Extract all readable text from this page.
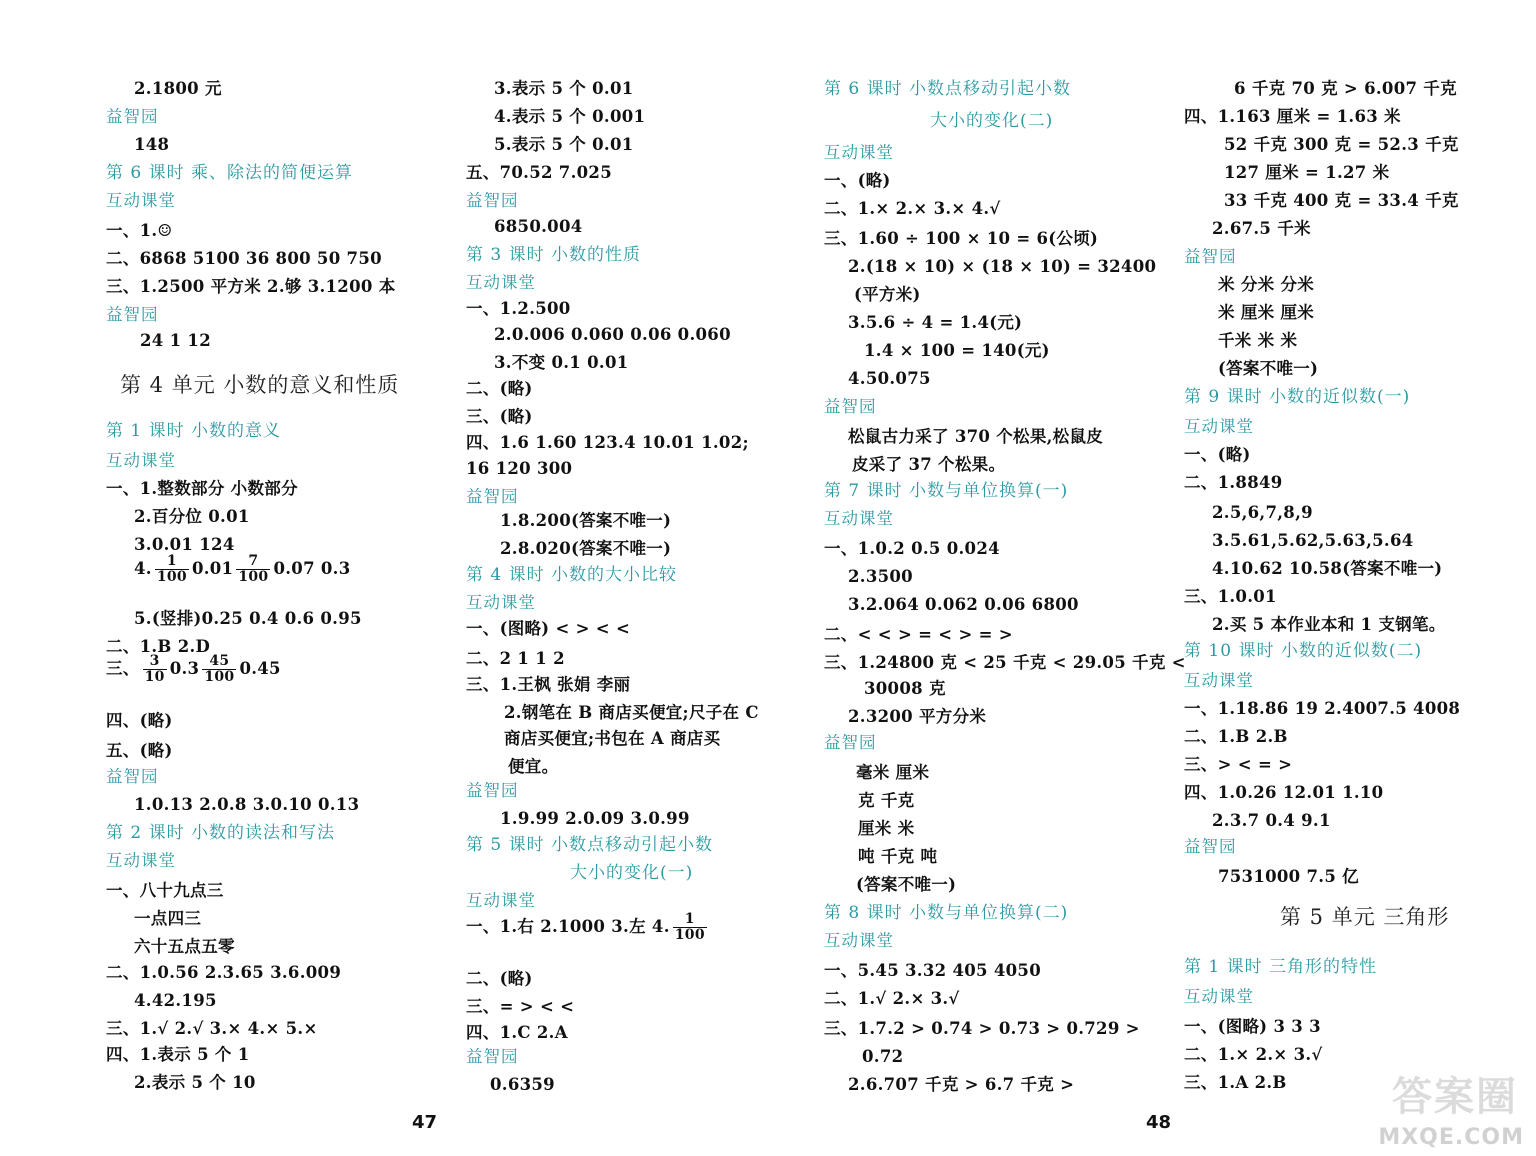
2.1800 元
益智园
148
第 6 课时 乘、除法的简便运算
互动课堂
一、1.☺
二、6868 5100 36 800 50 750
三、1.2500 平方米 2.够 3.1200 本
益智园
24 1 12
第 4 单元 小数的意义和性质
第 1 课时 小数的意义
互动课堂
一、1.整数部分 小数部分
2.百分位 0.01
3.0.01 124
4. $\frac{1}{100} 0.01 \frac{7}{100} 0.07$ 0.3
5.(竖排)0.25 0.4 0.6 0.95
二、1.B 2.D
三、 $\frac{3}{10} 0.3 \frac{45}{100} 0.45$
四、(略)
五、(略)
益智园
1.0.13 2.0.8 3.0.10 0.13
第 2 课时 小数的读法和写法
互动课堂
一、八十九点三
一点四三
六十五点五零
二、1.0.56 2.3.65 3.6.009
4.42.195
三、1.√ 2.√ 3.× 4.× 5.×
四、1.表示 5 个 1
2.表示 5 个 10
3.表示 5 个 0.01
4.表示 5 个 0.001
5.表示 5 个 0.01
五、70.52 7.025
益智园
6850.004
第 3 课时 小数的性质
互动课堂
一、1.2.500
2.0.006 0.060 0.06 0.060
3.不变 0.1 0.01
二、(略)
三、(略)
四、1.6 1.60 123.4 10.01 1.02;
16 120 300
益智园
1.8.200(答案不唯一)
2.8.020(答案不唯一)
第 4 课时 小数的大小比较
互动课堂
一、(图略) < > < <
二、2 1 1 2
三、1.王枫 张娟 李丽
2.钢笔在 B 商店买便宜;尺子在 C
商店买便宜;书包在 A 商店买
便宜。
益智园
1.9.99 2.0.09 3.0.99
第 5 课时 小数点移动引起小数
大小的变化(一)
互动课堂
一、1.右 2.1000 3.左 4. $\frac{1}{100}$
二、(略)
三、= > < <
四、1.C 2.A
益智园
0.6359
47
第 6 课时 小数点移动引起小数
大小的变化(二)
互动课堂
一、(略)
二、1.× 2.× 3.× 4.√
三、1.60 ÷ 100 × 10 = 6(公顷)
2.(18 × 10) × (18 × 10) = 32400
(平方米)
3.5.6 ÷ 4 = 1.4(元)
1.4 × 100 = 140(元)
4.50.075
益智园
松鼠古力采了 370 个松果,松鼠皮
皮采了 37 个松果。
第 7 课时 小数与单位换算(一)
互动课堂
一、1.0.2 0.5 0.024
2.3500
3.2.064 0.062 0.06 6800
二、< < > = < > = >
三、1.24800 克 < 25 千克 < 29.05 千克 <
30008 克
2.3200 平方分米
益智园
毫米 厘米
克 千克
厘米 米
吨 千克 吨
(答案不唯一)
第 8 课时 小数与单位换算(二)
互动课堂
一、5.45 3.32 405 4050
二、1.√ 2.× 3.√
三、1.7.2 > 0.74 > 0.73 > 0.729 >
0.72
2.6.707 千克 > 6.7 千克 >
6 千克 70 克 > 6.007 千克
四、1.163 厘米 = 1.63 米
52 千克 300 克 = 52.3 千克
127 厘米 = 1.27 米
33 千克 400 克 = 33.4 千克
2.67.5 千米
益智园
米 分米 分米
米 厘米 厘米
千米 米 米
(答案不唯一)
第 9 课时 小数的近似数(一)
互动课堂
一、(略)
二、1.8849
2.5,6,7,8,9
3.5.61,5.62,5.63,5.64
4.10.62 10.58(答案不唯一)
三、1.0.01
2.买 5 本作业本和 1 支钢笔。
第 10 课时 小数的近似数(二)
互动课堂
一、1.18.86 19 2.4007.5 4008
二、1.B 2.B
三、> < = >
四、1.0.26 12.01 1.10
2.3.7 0.4 9.1
益智园
7531000 7.5 亿
第 5 单元 三角形
第 1 课时 三角形的特性
互动课堂
一、(图略) 3 3 3
二、1.× 2.× 3.√
三、1.A 2.B
48
答案圈
MXQE.COM
